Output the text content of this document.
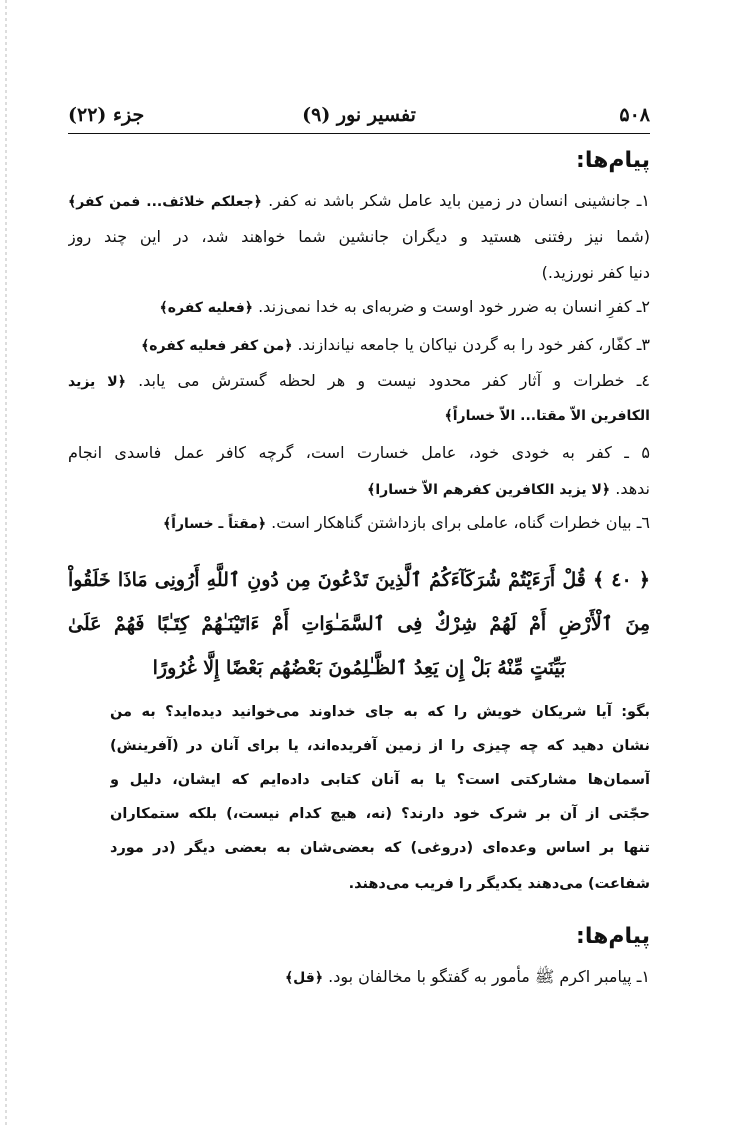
۵۰۸
تفسیر نور (۹)
جزء (۲۲)
پیام‌ها:
۱ـ جانشینی انسان در زمین باید عامل شکر باشد نه کفر. ﴿جعلکم خلائف... فمن کفر﴾
(شما نیز رفتنی هستید و دیگران جانشین شما خواهند شد، در این چند روز
دنیا کفر نورزید.)
۲ـ کفرِ انسان به ضرر خود اوست و ضربه‌ای به خدا نمی‌زند. ﴿فعلیه کفره﴾
۳ـ کفّار، کفر خود را به گردن نیاکان یا جامعه نیاندازند. ﴿من کفر فعلیه کفره﴾
٤ـ خطرات و آثار کفر محدود نیست و هر لحظه گسترش می یابد. ﴿لا یزید
الکافرین الاّ مقتا... الاّ خساراً﴾
۵ ـ کفر به خودی خود، عامل خسارت است، گرچه کافر عمل فاسدی انجام
ندهد. ﴿لا یزید الکافرین کفرهم الاّ خسارا﴾
٦ـ بیان خطرات گناه، عاملی برای بازداشتن گناهکار است. ﴿مقتاً ـ خساراً﴾
﴿ ٤٠ ﴾ قُلْ أَرَءَيْتُمْ شُرَكَآءَكُمُ ٱلَّذِينَ تَدْعُونَ مِن دُونِ ٱللَّهِ أَرُونِى مَاذَا خَلَقُواْ
مِنَ ٱلْأَرْضِ أَمْ لَهُمْ شِرْكٌ فِى ٱلسَّمَـٰوَاتِ أَمْ ءَاتَيْنَـٰهُمْ كِتَـٰبًا فَهُمْ عَلَىٰ
بَيِّنَتٍ مِّنْهُ بَلْ إِن يَعِدُ ٱلظَّـٰلِمُونَ بَعْضُهُم بَعْضًا إِلَّا غُرُورًا
بگو: آیا شریکان خویش را که به جای خداوند می‌خوانید دیده‌اید؟ به من
نشان دهید که چه چیزی را از زمین آفریده‌اند، یا برای آنان در (آفرینش)
آسمان‌ها مشارکتی است؟ یا به آنان کتابی داده‌ایم که ایشان، دلیل و
حجّتی از آن بر شرک خود دارند؟ (نه، هیچ کدام نیست،) بلکه ستمکاران
تنها بر اساس وعده‌ای (دروغی) که بعضی‌شان به بعضی دیگر (در مورد
شفاعت) می‌دهند یکدیگر را فریب می‌دهند.
پیام‌ها:
۱ـ پیامبر اکرم ﷺ مأمور به گفتگو با مخالفان بود. ﴿قل﴾
